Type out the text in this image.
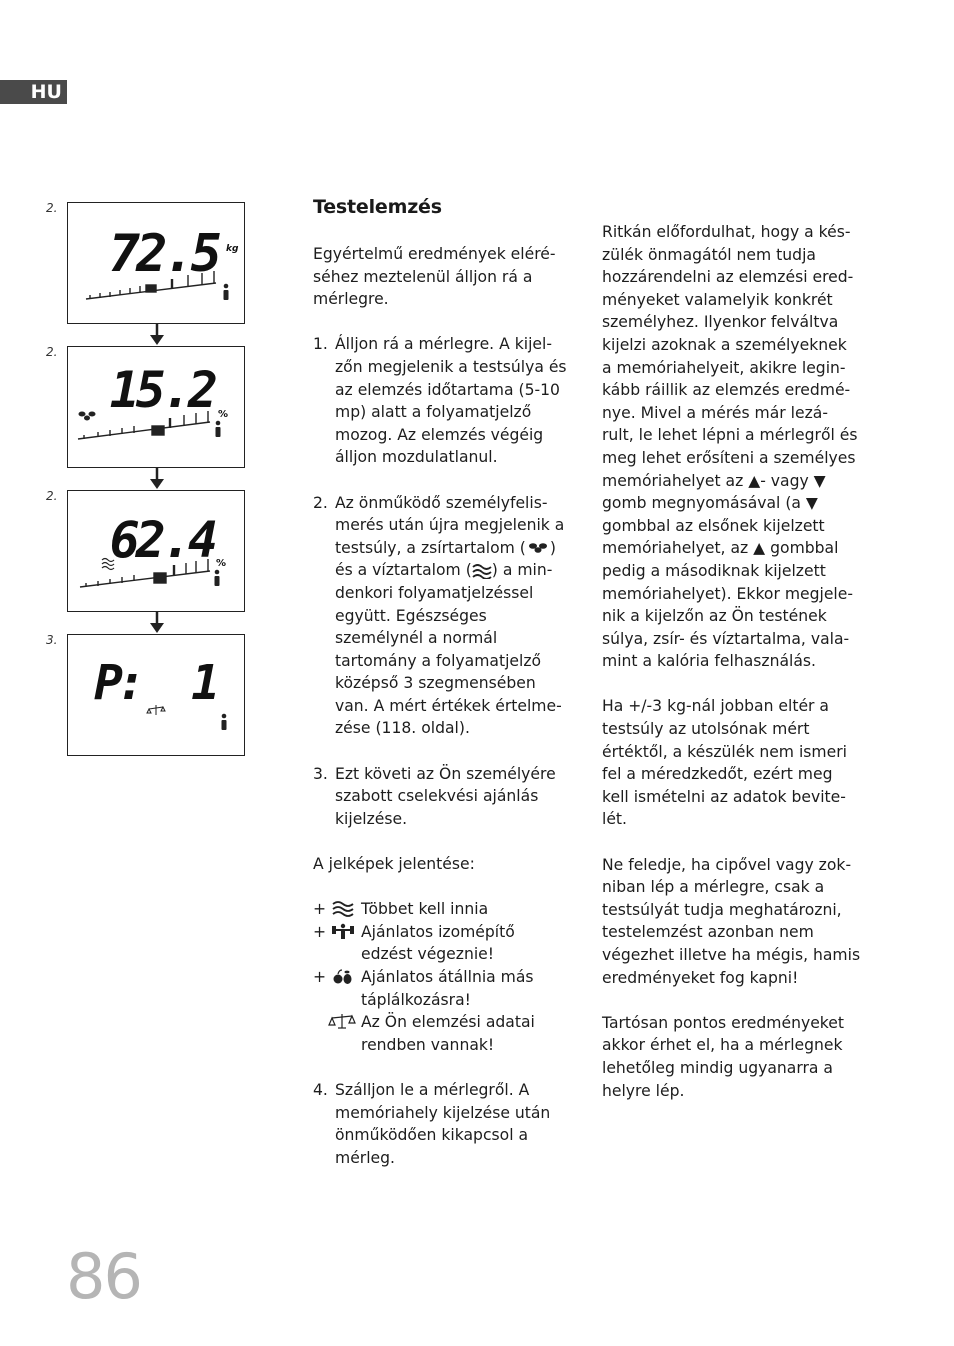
HU
2.
72.5 kg
2.
15.2 %
2.
62.4 %
3.
P: 1
Testelemzés

Egyértelmű eredmények eléré-

séhez meztelenül álljon rá a

mérlegre.

1. Álljon rá a mérlegre. A kijel-

zőn megjelenik a testsúlya és

az elemzés időtartama (5-10

mp) alatt a folyamatjelző

mozog. Az elemzés végéig

álljon mozdulatlanul.

2. Az önműködő személyfelis-

merés után újra megjelenik a

testsúly, a zsírtartalom ( )

és a víztartalom ( ) a min-

denkori folyamatjelzéssel

együtt. Egészséges

személynél a normál

tartomány a folyamatjelző

középső 3 szegmensében

van. A mért értékek értelme-

zése (118. oldal).

3. Ezt követi az Ön személyére

szabott cselekvési ajánlás

kijelzése.

A jelképek jelentése:

+ Többet kell innia

+ Ajánlatos izomépítő

edzést végeznie!

+ Ajánlatos átállnia más

táplálkozásra!

Az Ön elemzési adatai

rendben vannak!

4. Szálljon le a mérlegről. A

memóriahely kijelzése után

önműködően kikapcsol a

mérleg.

Ritkán előfordulhat, hogy a kés-

zülék önmagától nem tudja

hozzárendelni az elemzési ered-

ményeket valamelyik konkrét

személyhez. Ilyenkor felváltva

kijelzi azoknak a személyeknek

a memóriahelyeit, akikre legin-

kább ráillik az elemzés eredmé-

nye. Mivel a mérés már lezá-

rult, le lehet lépni a mérlegről és

meg lehet erősíteni a személyes

memóriahelyet az ▲- vagy ▼

gomb megnyomásával (a ▼

gombbal az elsőnek kijelzett

memóriahelyet, az ▲ gombbal

pedig a másodiknak kijelzett

memóriahelyet). Ekkor megjele-

nik a kijelzőn az Ön testének

súlya, zsír- és víztartalma, vala-

mint a kalória felhasználás.

Ha +/-3 kg-nál jobban eltér a

testsúly az utolsónak mért

értéktől, a készülék nem ismeri

fel a méredzkedőt, ezért meg

kell ismételni az adatok bevite-

lét.

Ne feledje, ha cipővel vagy zok-

niban lép a mérlegre, csak a

testsúlyát tudja meghatározni,

testelemzést azonban nem

végezhet illetve ha mégis, hamis

eredményeket fog kapni!

Tartósan pontos eredményeket

akkor érhet el, ha a mérlegnek

lehetőleg mindig ugyanarra a

helyre lép.

86
